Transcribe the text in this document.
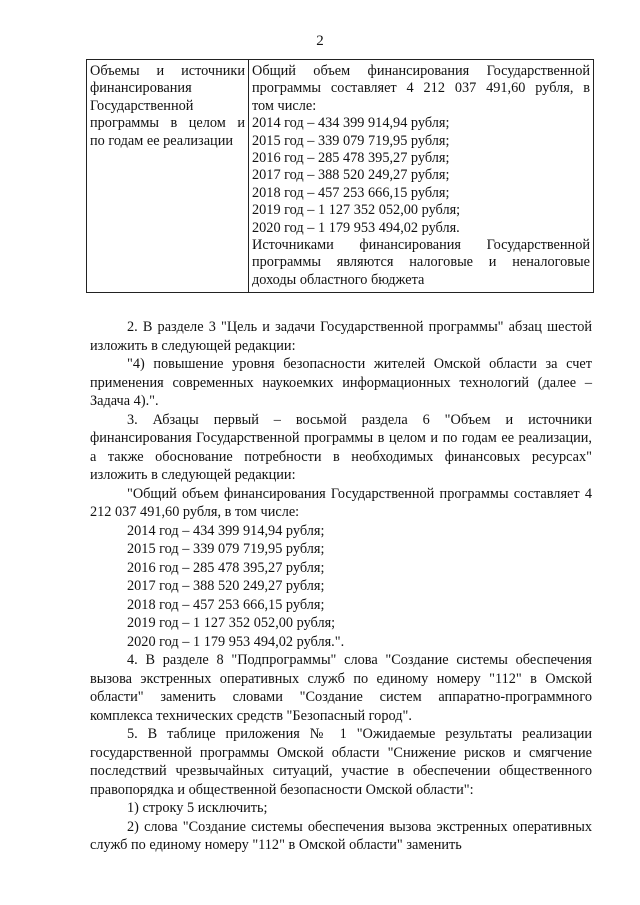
2
Объемы и источники
финансирования
Государственной
программы в целом и
по годам ее реализации

Общий объем финансирования Государственной
программы составляет 4 212 037 491,60 рубля, в
том числе:
2014 год – 434 399 914,94 рубля;
2015 год – 339 079 719,95 рубля;
2016 год – 285 478 395,27 рубля;
2017 год – 388 520 249,27 рубля;
2018 год – 457 253 666,15 рубля;
2019 год – 1 127 352 052,00 рубля;
2020 год – 1 179 953 494,02 рубля.
Источниками финансирования Государственной
программы являются налоговые и неналоговые
доходы областного бюджета

2. В разделе 3 "Цель и задачи Государственной программы" абзац шестой изложить в следующей редакции:

"4) повышение уровня безопасности жителей Омской области за счет применения современных наукоемких информационных технологий (далее – Задача 4).".

3. Абзацы первый – восьмой раздела 6 "Объем и источники финансирования Государственной программы в целом и по годам ее реализации, а также обоснование потребности в необходимых финансовых ресурсах" изложить в следующей редакции:

"Общий объем финансирования Государственной программы составляет 4 212 037 491,60 рубля, в том числе:

2014 год – 434 399 914,94 рубля;

2015 год – 339 079 719,95 рубля;

2016 год – 285 478 395,27 рубля;

2017 год – 388 520 249,27 рубля;

2018 год – 457 253 666,15 рубля;

2019 год – 1 127 352 052,00 рубля;

2020 год – 1 179 953 494,02 рубля.".

4. В разделе 8 "Подпрограммы" слова "Создание системы обеспечения вызова экстренных оперативных служб по единому номеру "112" в Омской области" заменить словами "Создание систем аппаратно-программного комплекса технических средств "Безопасный город".

5. В таблице приложения № 1 "Ожидаемые результаты реализации государственной программы Омской области "Снижение рисков и смягчение последствий чрезвычайных ситуаций, участие в обеспечении общественного правопорядка и общественной безопасности Омской области":

1) строку 5 исключить;

2) слова "Создание системы обеспечения вызова экстренных оперативных служб по единому номеру "112" в Омской области" заменить
